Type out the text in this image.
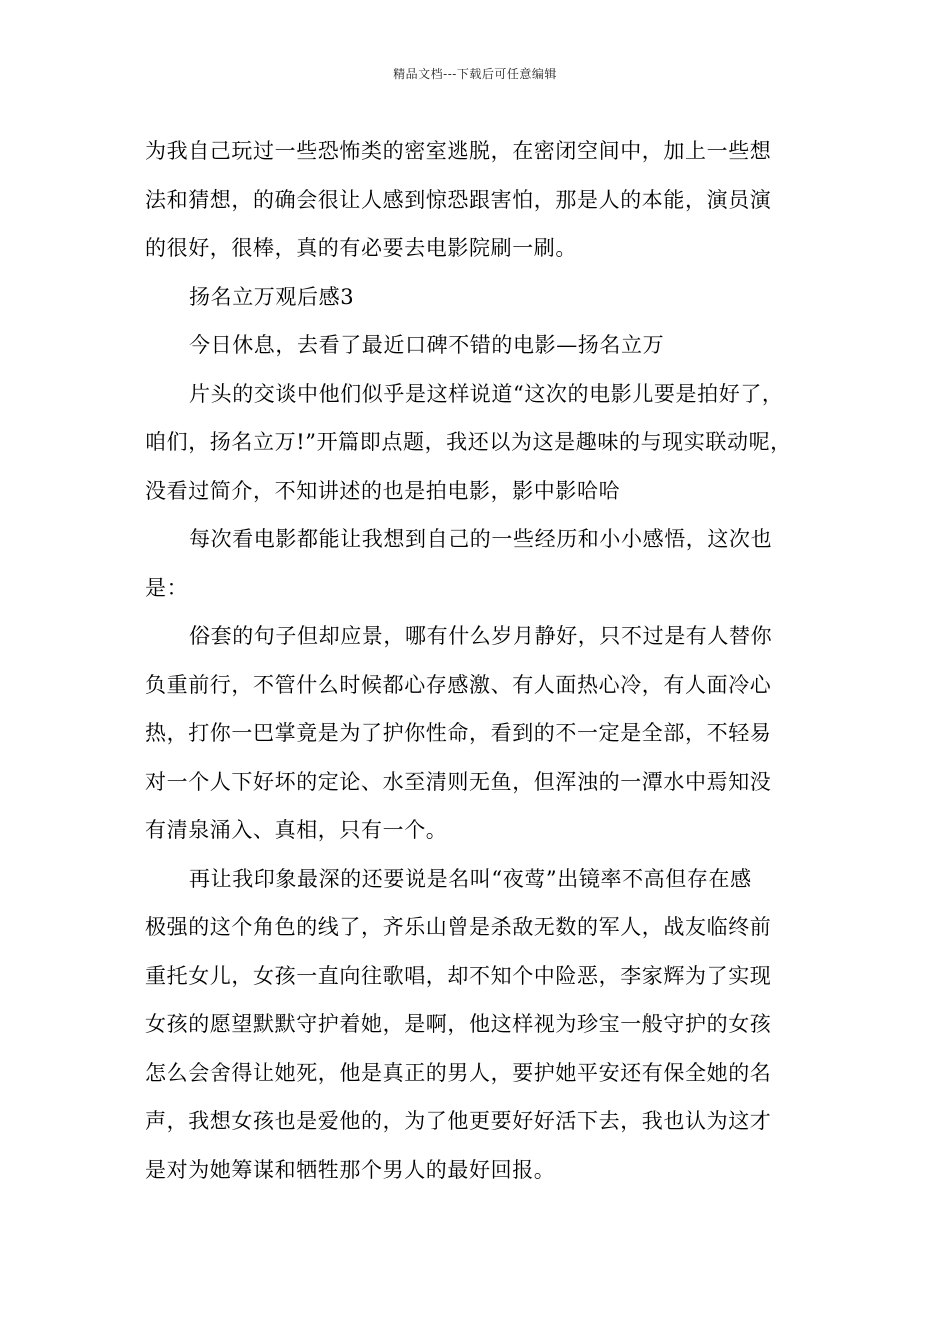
精品文档---下载后可任意编辑
为我自己玩过一些恐怖类的密室逃脱，在密闭空间中，加上一些想
法和猜想，的确会很让人感到惊恐跟害怕，那是人的本能，演员演
的很好，很棒，真的有必要去电影院刷一刷。
扬名立万观后感3
今日休息，去看了最近口碑不错的电影—扬名立万
片头的交谈中他们似乎是这样说道“这次的电影儿要是拍好了，
咱们，扬名立万!”开篇即点题，我还以为这是趣味的与现实联动呢，
没看过简介，不知讲述的也是拍电影，影中影哈哈
每次看电影都能让我想到自己的一些经历和小小感悟，这次也
是：
俗套的句子但却应景，哪有什么岁月静好，只不过是有人替你
负重前行，不管什么时候都心存感激、有人面热心冷，有人面冷心
热，打你一巴掌竟是为了护你性命，看到的不一定是全部，不轻易
对一个人下好坏的定论、水至清则无鱼，但浑浊的一潭水中焉知没
有清泉涌入、真相，只有一个。
再让我印象最深的还要说是名叫“夜莺”出镜率不高但存在感
极强的这个角色的线了，齐乐山曾是杀敌无数的军人，战友临终前
重托女儿，女孩一直向往歌唱，却不知个中险恶，李家辉为了实现
女孩的愿望默默守护着她，是啊，他这样视为珍宝一般守护的女孩
怎么会舍得让她死，他是真正的男人，要护她平安还有保全她的名
声，我想女孩也是爱他的，为了他更要好好活下去，我也认为这才
是对为她筹谋和牺牲那个男人的最好回报。
